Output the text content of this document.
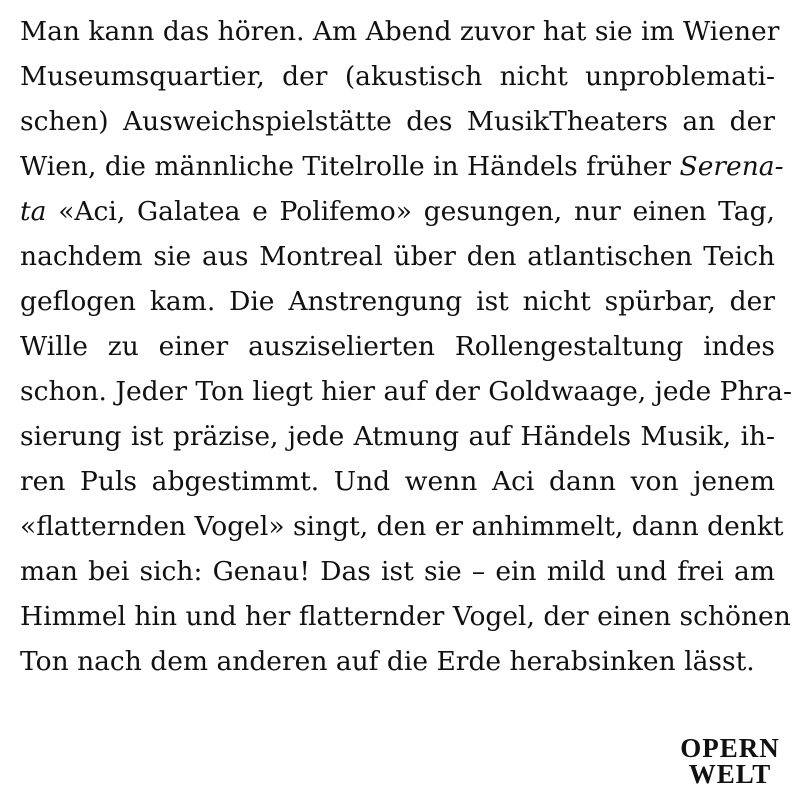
Man kann das hören. Am Abend zuvor hat sie im Wiener
Museumsquartier, der (akustisch nicht unproblemati-
schen) Ausweichspielstätte des MusikTheaters an der
Wien, die männliche Titelrolle in Händels früher Serena-
ta «Aci, Galatea e Polifemo» gesungen, nur einen Tag,
nachdem sie aus Montreal über den atlantischen Teich
geflogen kam. Die Anstrengung ist nicht spürbar, der
Wille zu einer ausziselierten Rollengestaltung indes
schon. Jeder Ton liegt hier auf der Goldwaage, jede Phra-
sierung ist präzise, jede Atmung auf Händels Musik, ih-
ren Puls abgestimmt. Und wenn Aci dann von jenem
«flatternden Vogel» singt, den er anhimmelt, dann denkt
man bei sich: Genau! Das ist sie – ein mild und frei am
Himmel hin und her flatternder Vogel, der einen schönen
Ton nach dem anderen auf die Erde herabsinken lässt.
OPERN
WELT
